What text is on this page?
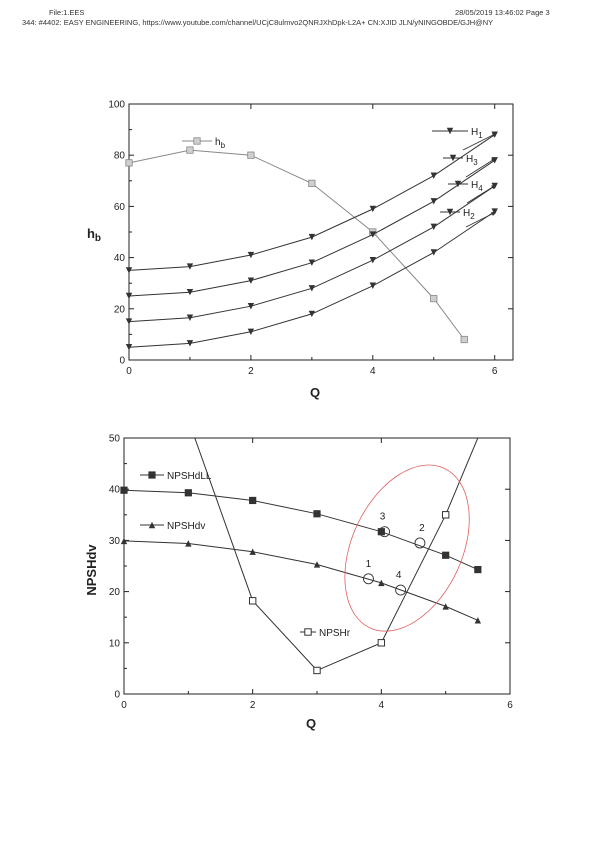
File:1.EES	28/05/2019 13:46:02 Page 3
344: #4402: EASY ENGINEERING, https://www.youtube.com/channel/UCjC8ulmvo2QNRJXhDpk-L2A+ CN:XJID JLN/yNINGOBDE/GJH@NY
0	2	4	6
0
20
40
60
80
100
Q
$h_b$
$h_b$
$H_1$
$H_3$
$H_4$
$H_2$
0	2	4	6
0
10
20
30
40
50
Q
NPSHdv
NPSHdLL
NPSHdv
NPSHr
1
2
3
4
